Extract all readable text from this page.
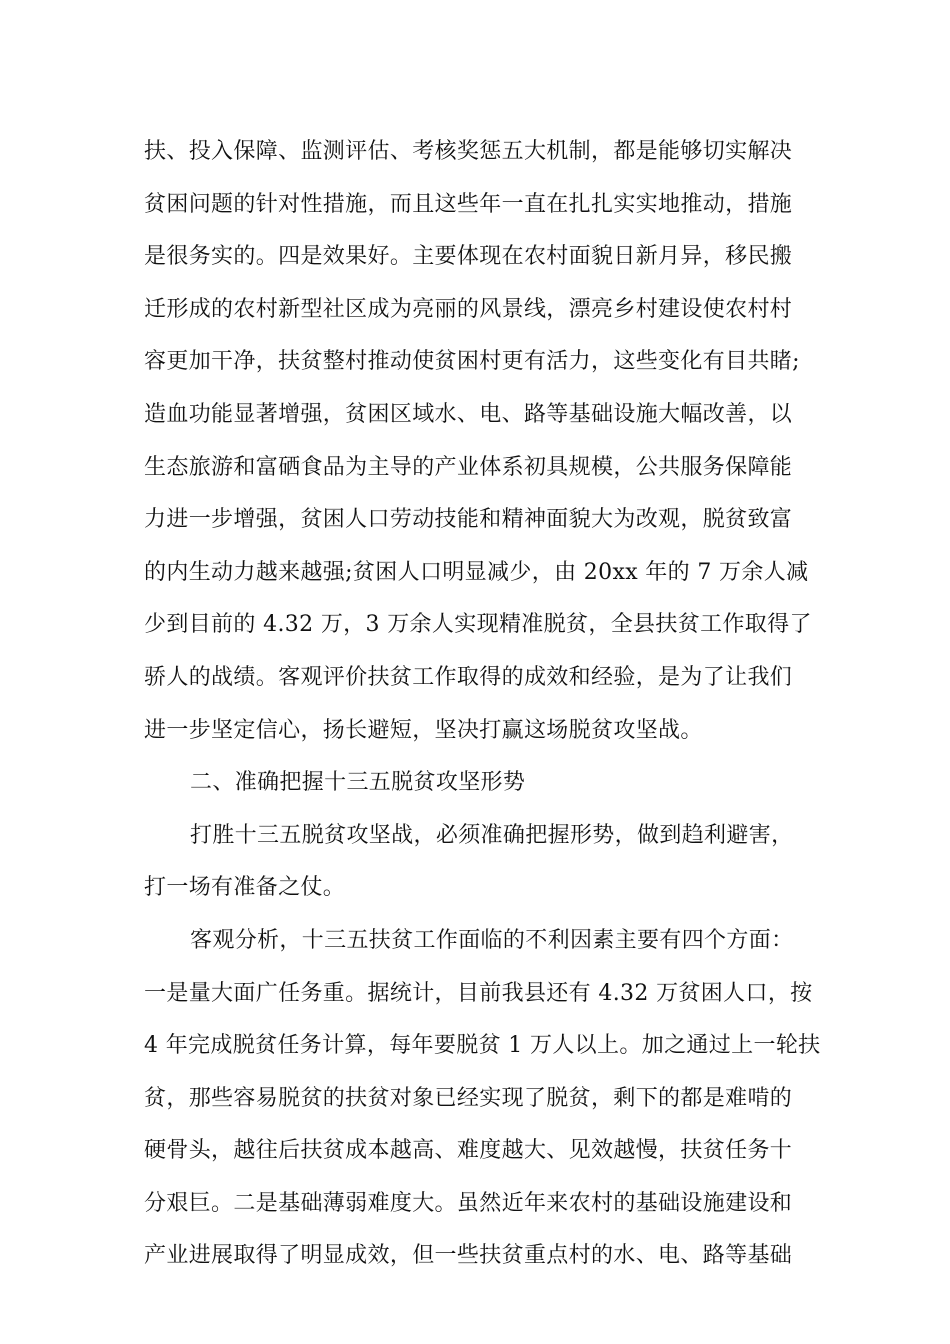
扶、投入保障、监测评估、考核奖惩五大机制，都是能够切实解决
贫困问题的针对性措施，而且这些年一直在扎扎实实地推动，措施
是很务实的。四是效果好。主要体现在农村面貌日新月异，移民搬
迁形成的农村新型社区成为亮丽的风景线，漂亮乡村建设使农村村
容更加干净，扶贫整村推动使贫困村更有活力，这些变化有目共睹;
造血功能显著增强，贫困区域水、电、路等基础设施大幅改善，以
生态旅游和富硒食品为主导的产业体系初具规模，公共服务保障能
力进一步增强，贫困人口劳动技能和精神面貌大为改观，脱贫致富
的内生动力越来越强;贫困人口明显减少，由 20xx 年的 7 万余人减
少到目前的 4.32 万，3 万余人实现精准脱贫，全县扶贫工作取得了
骄人的战绩。客观评价扶贫工作取得的成效和经验，是为了让我们
进一步坚定信心，扬长避短，坚决打赢这场脱贫攻坚战。
二、准确把握十三五脱贫攻坚形势
打胜十三五脱贫攻坚战，必须准确把握形势，做到趋利避害，
打一场有准备之仗。
客观分析，十三五扶贫工作面临的不利因素主要有四个方面：
一是量大面广任务重。据统计，目前我县还有 4.32 万贫困人口，按
4 年完成脱贫任务计算，每年要脱贫 1 万人以上。加之通过上一轮扶
贫，那些容易脱贫的扶贫对象已经实现了脱贫，剩下的都是难啃的
硬骨头，越往后扶贫成本越高、难度越大、见效越慢，扶贫任务十
分艰巨。二是基础薄弱难度大。虽然近年来农村的基础设施建设和
产业进展取得了明显成效，但一些扶贫重点村的水、电、路等基础
